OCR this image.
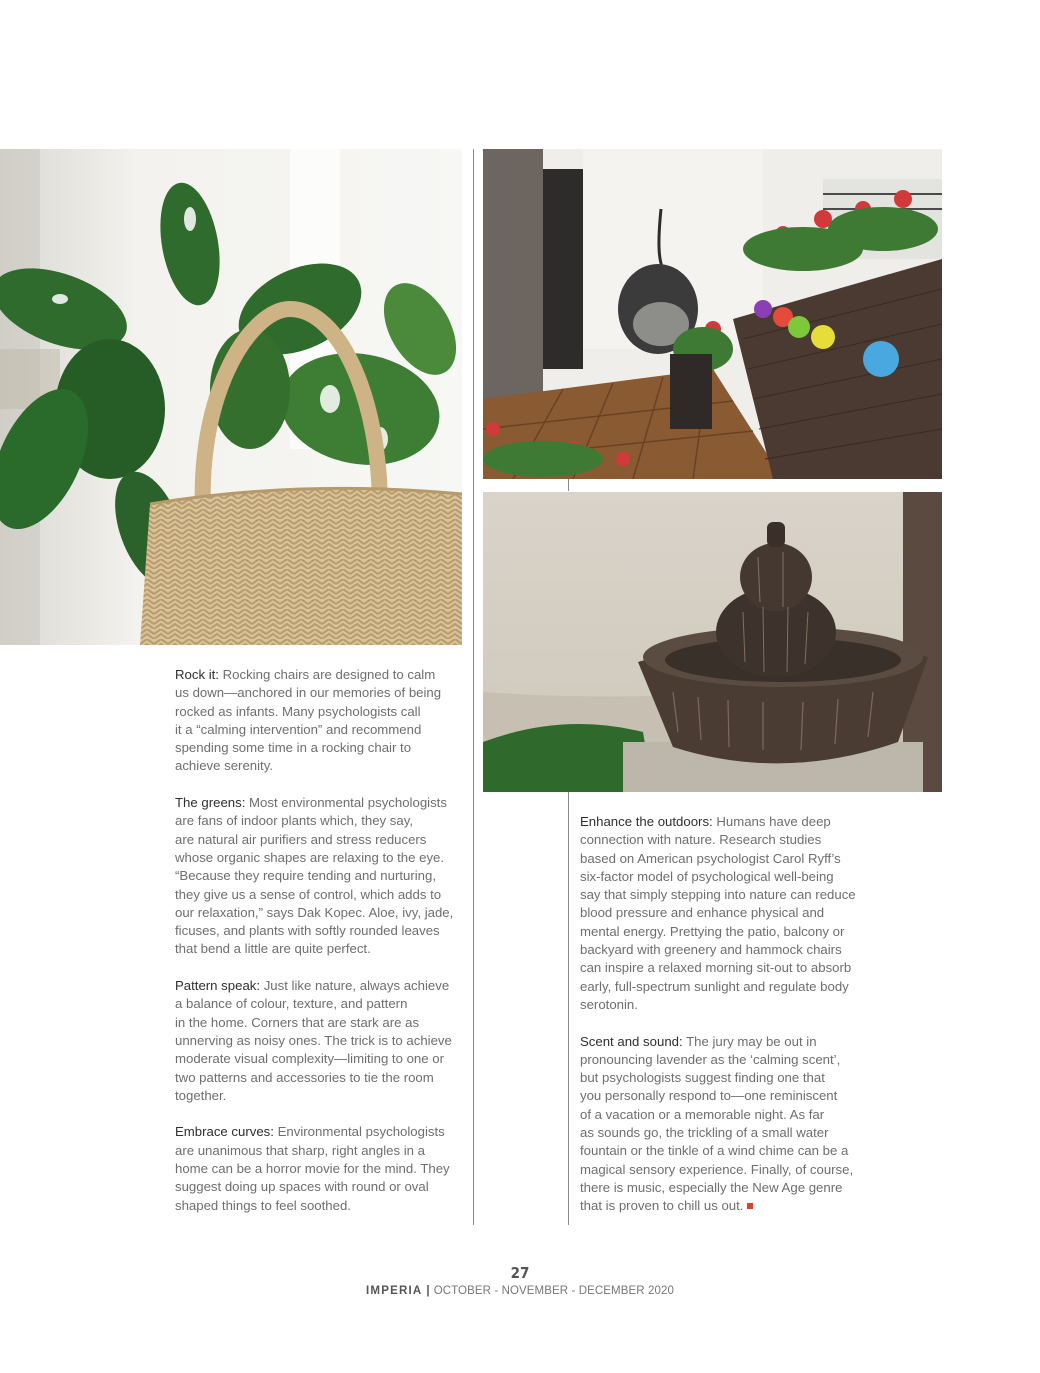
Rock it: Rocking chairs are designed to calm
us down—anchored in our memories of being
rocked as infants. Many psychologists call
it a “calming intervention” and recommend
spending some time in a rocking chair to
achieve serenity.

The greens: Most environmental psychologists
are fans of indoor plants which, they say,
are natural air purifiers and stress reducers
whose organic shapes are relaxing to the eye.
“Because they require tending and nurturing,
they give us a sense of control, which adds to
our relaxation,” says Dak Kopec. Aloe, ivy, jade,
ficuses, and plants with softly rounded leaves
that bend a little are quite perfect.

Pattern speak: Just like nature, always achieve
a balance of colour, texture, and pattern
in the home. Corners that are stark are as
unnerving as noisy ones. The trick is to achieve
moderate visual complexity—limiting to one or
two patterns and accessories to tie the room
together.

Embrace curves: Environmental psychologists
are unanimous that sharp, right angles in a
home can be a horror movie for the mind. They
suggest doing up spaces with round or oval
shaped things to feel soothed.

Enhance the outdoors: Humans have deep
connection with nature. Research studies
based on American psychologist Carol Ryff’s
six-factor model of psychological well-being
say that simply stepping into nature can reduce
blood pressure and enhance physical and
mental energy. Prettying the patio, balcony or
backyard with greenery and hammock chairs
can inspire a relaxed morning sit-out to absorb
early, full-spectrum sunlight and regulate body
serotonin.

Scent and sound: The jury may be out in
pronouncing lavender as the ‘calming scent’,
but psychologists suggest finding one that
you personally respond to—one reminiscent
of a vacation or a memorable night. As far
as sounds go, the trickling of a small water
fountain or the tinkle of a wind chime can be a
magical sensory experience. Finally, of course,
there is music, especially the New Age genre
that is proven to chill us out.

27
IMPERIA | OCTOBER - NOVEMBER - DECEMBER 2020
